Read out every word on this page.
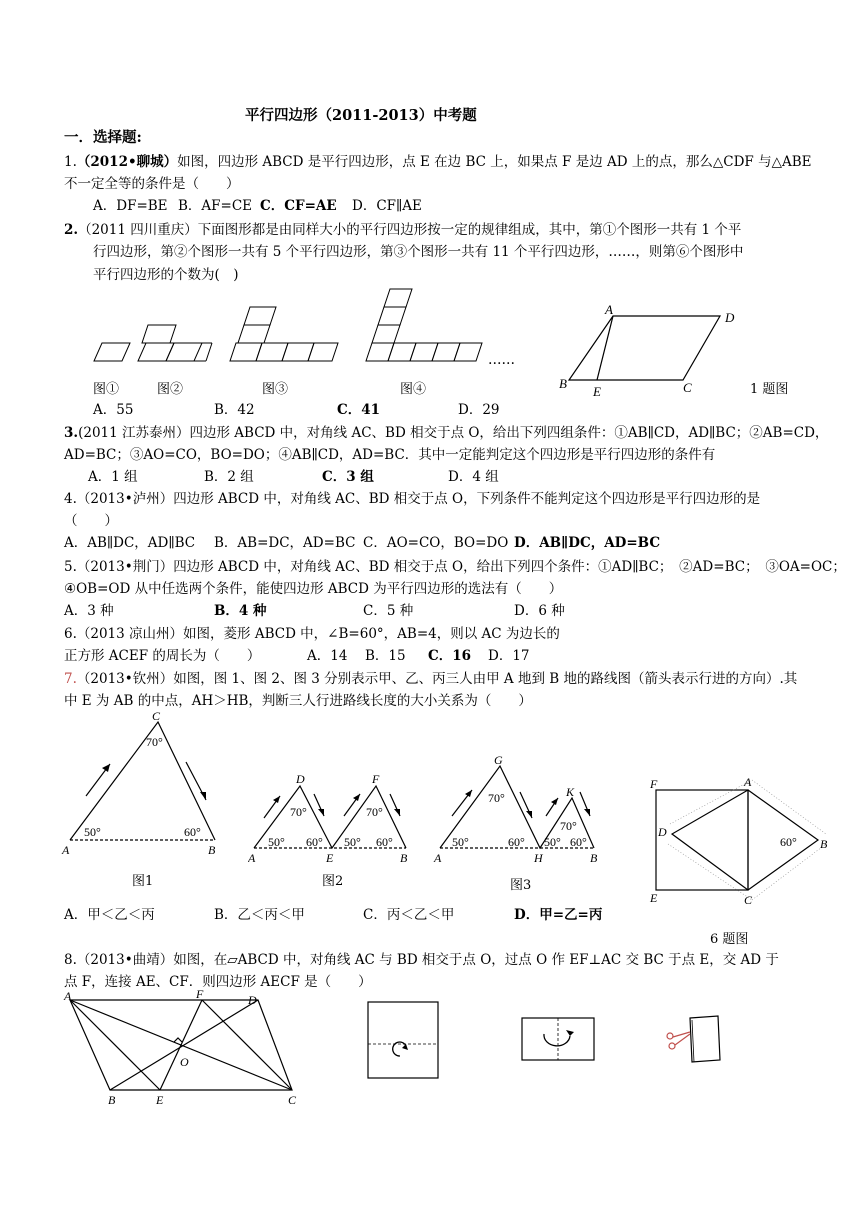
平行四边形（2011-2013）中考题
一．选择题:
1.（2012•聊城）如图，四边形 ABCD 是平行四边形，点 E 在边 BC 上，如果点 F 是边 AD 上的点，那么△CDF 与△ABE
不一定全等的条件是（　　）
A．DF=BE B．AF=CE C．CF=AE D．CF∥AE
2.（2011 四川重庆）下面图形都是由同样大小的平行四边形按一定的规律组成，其中，第①个图形一共有 1 个平
行四边形，第②个图形一共有 5 个平行四边形，第③个图形一共有 11 个平行四边形，……，则第⑥个图形中
平行四边形的个数为(　)
……
图①	图②	图③	图④
A
D
B
E	C	1 题图
A．55	B．42	C．41	D．29
3.(2011 江苏泰州）四边形 ABCD 中，对角线 AC、BD 相交于点 O，给出下列四组条件：①AB∥CD，AD∥BC；②AB=CD，
AD=BC；③AO=CO，BO=DO；④AB∥CD，AD=BC．其中一定能判定这个四边形是平行四边形的条件有
A．1 组	B．2 组	C．3 组	D．4 组
4.（2013•泸州）四边形 ABCD 中，对角线 AC、BD 相交于点 O，下列条件不能判定这个四边形是平行四边形的是
（　　）
A．AB∥DC，AD∥BC B．AB=DC，AD=BC C．AO=CO，BO=DO D．AB∥DC，AD=BC
5.（2013•荆门）四边形 ABCD 中，对角线 AC、BD 相交于点 O，给出下列四个条件：①AD∥BC；　②AD=BC；　③OA=OC；
④OB=OD 从中任选两个条件，能使四边形 ABCD 为平行四边形的选法有（　　）
A．3 种	B．4 种	C．5 种	D．6 种
6.（2013 凉山州）如图，菱形 ABCD 中，∠B=60°，AB=4，则以 AC 为边长的
正方形 ACEF 的周长为（　　）	A．14 B．15 C．16 D．17
7.（2013•钦州）如图，图 1、图 2、图 3 分别表示甲、乙、丙三人由甲 A 地到 B 地的路线图（箭头表示行进的方向）.其
中 E 为 AB 的中点，AH＞HB，判断三人行进路线长度的大小关系为（　　）
C
70°
50°	60°
A	B
图1
D	F
70°	70°
50° 60° 50° 60°
A	E	B
图2
G
K
70°
70°
50°	60° 50° 60°
A	H	B
图3
F	A
D
B
E	C
60°
A．甲＜乙＜丙	B．乙＜丙＜甲	C．丙＜乙＜甲	D．甲=乙=丙
6 题图
8.（2013•曲靖）如图，在▱ABCD 中，对角线 AC 与 BD 相交于点 O，过点 O 作 EF⊥AC 交 BC 于点 E，交 AD 于
点 F，连接 AE、CF．则四边形 AECF 是（　　）
A	F	D
O
B	E	C
